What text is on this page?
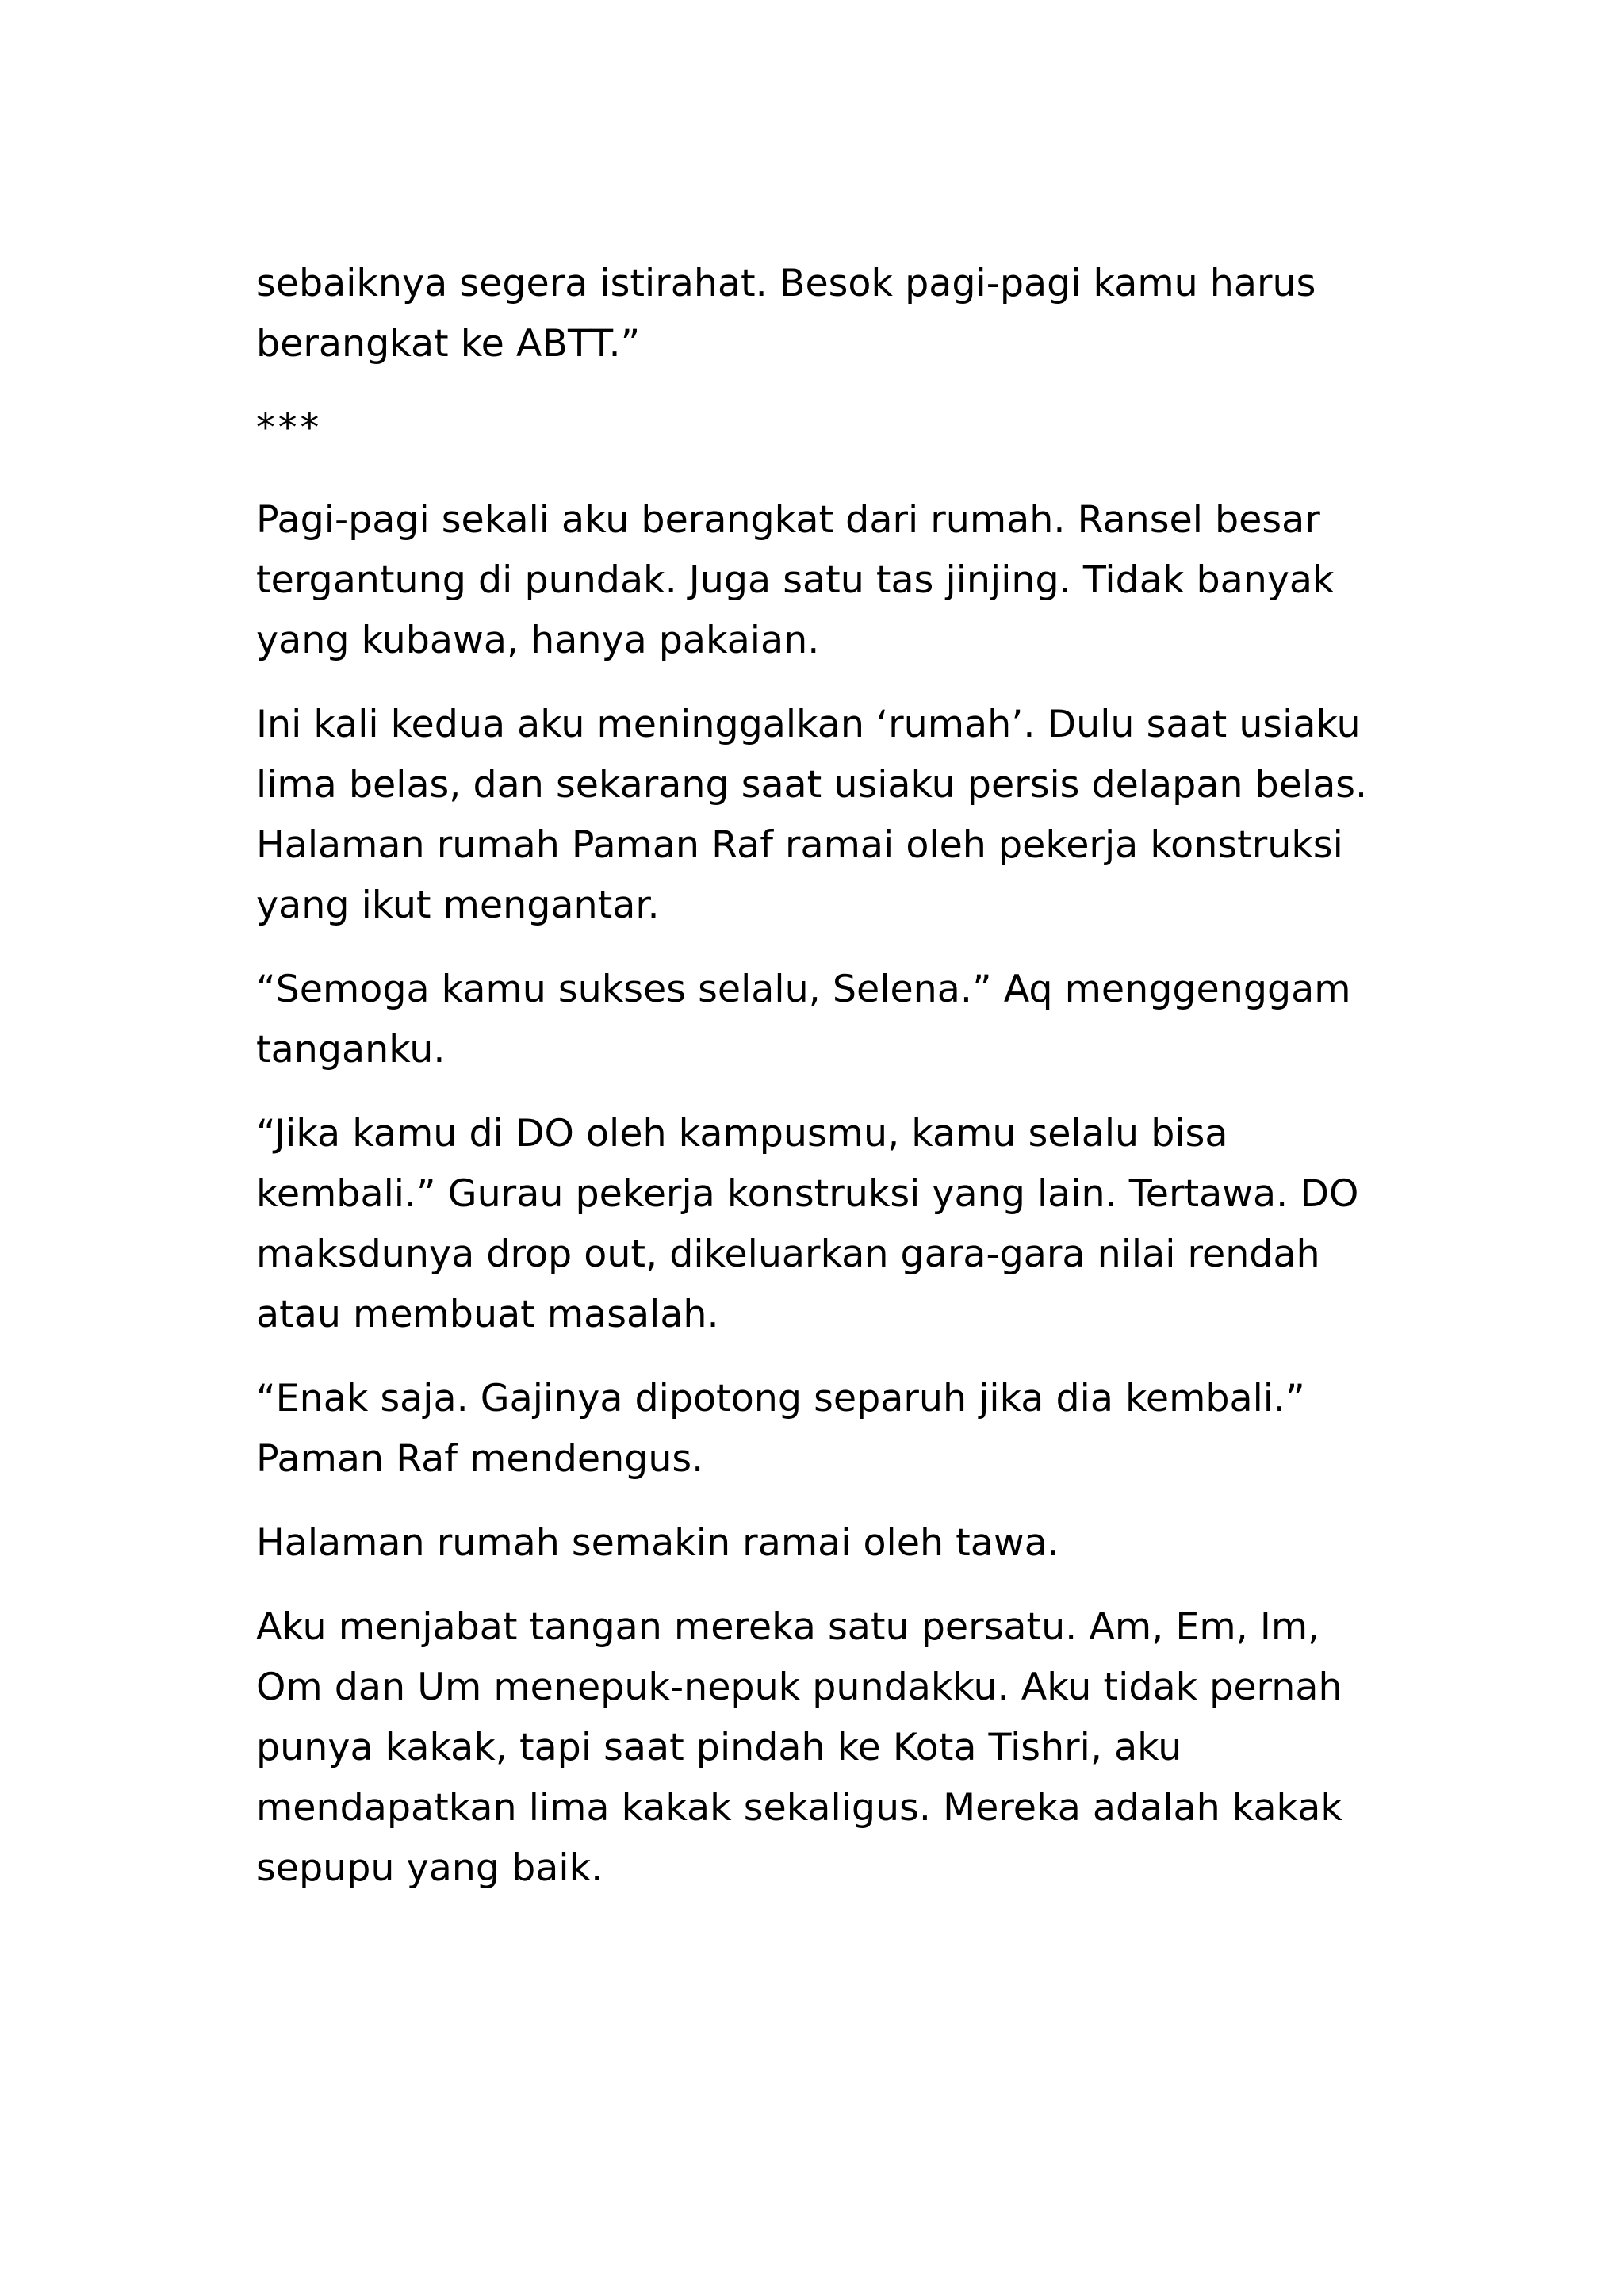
sebaiknya segera istirahat. Besok pagi-pagi kamu harus
berangkat ke ABTT.”

***

Pagi-pagi sekali aku berangkat dari rumah. Ransel besar
tergantung di pundak. Juga satu tas jinjing. Tidak banyak
yang kubawa, hanya pakaian.

Ini kali kedua aku meninggalkan ‘rumah’. Dulu saat usiaku
lima belas, dan sekarang saat usiaku persis delapan belas.
Halaman rumah Paman Raf ramai oleh pekerja konstruksi
yang ikut mengantar.

“Semoga kamu sukses selalu, Selena.” Aq menggenggam
tanganku.

“Jika kamu di DO oleh kampusmu, kamu selalu bisa
kembali.” Gurau pekerja konstruksi yang lain. Tertawa. DO
maksdunya drop out, dikeluarkan gara-gara nilai rendah
atau membuat masalah.

“Enak saja. Gajinya dipotong separuh jika dia kembali.”
Paman Raf mendengus.

Halaman rumah semakin ramai oleh tawa.

Aku menjabat tangan mereka satu persatu. Am, Em, Im,
Om dan Um menepuk-nepuk pundakku. Aku tidak pernah
punya kakak, tapi saat pindah ke Kota Tishri, aku
mendapatkan lima kakak sekaligus. Mereka adalah kakak
sepupu yang baik.
